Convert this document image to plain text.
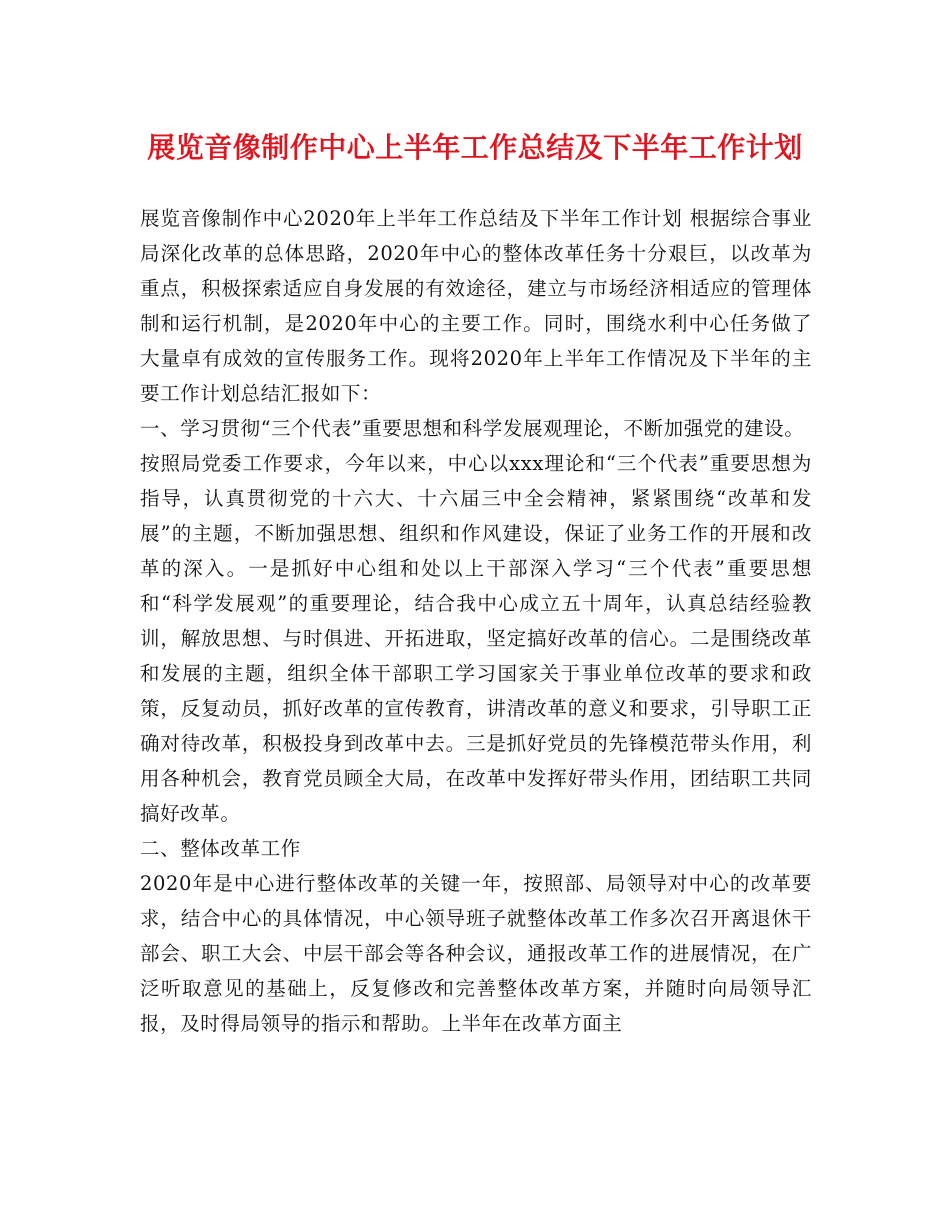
展览音像制作中心上半年工作总结及下半年工作计划

展览音像制作中心2020年上半年工作总结及下半年工作计划 根据综合事业局深化改革的总体思路，2020年中心的整体改革任务十分艰巨，以改革为重点，积极探索适应自身发展的有效途径，建立与市场经济相适应的管理体制和运行机制，是2020年中心的主要工作。同时，围绕水利中心任务做了大量卓有成效的宣传服务工作。现将2020年上半年工作情况及下半年的主要工作计划总结汇报如下：

一、学习贯彻“三个代表”重要思想和科学发展观理论，不断加强党的建设。

按照局党委工作要求，今年以来，中心以xxx理论和“三个代表”重要思想为指导，认真贯彻党的十六大、十六届三中全会精神，紧紧围绕“改革和发展”的主题，不断加强思想、组织和作风建设，保证了业务工作的开展和改革的深入。一是抓好中心组和处以上干部深入学习“三个代表”重要思想和“科学发展观”的重要理论，结合我中心成立五十周年，认真总结经验教训，解放思想、与时俱进、开拓进取，坚定搞好改革的信心。二是围绕改革和发展的主题，组织全体干部职工学习国家关于事业单位改革的要求和政策，反复动员，抓好改革的宣传教育，讲清改革的意义和要求，引导职工正确对待改革，积极投身到改革中去。三是抓好党员的先锋模范带头作用，利用各种机会，教育党员顾全大局，在改革中发挥好带头作用，团结职工共同搞好改革。

二、整体改革工作

2020年是中心进行整体改革的关键一年，按照部、局领导对中心的改革要求，结合中心的具体情况，中心领导班子就整体改革工作多次召开离退休干部会、职工大会、中层干部会等各种会议，通报改革工作的进展情况，在广泛听取意见的基础上，反复修改和完善整体改革方案，并随时向局领导汇报，及时得局领导的指示和帮助。上半年在改革方面主
